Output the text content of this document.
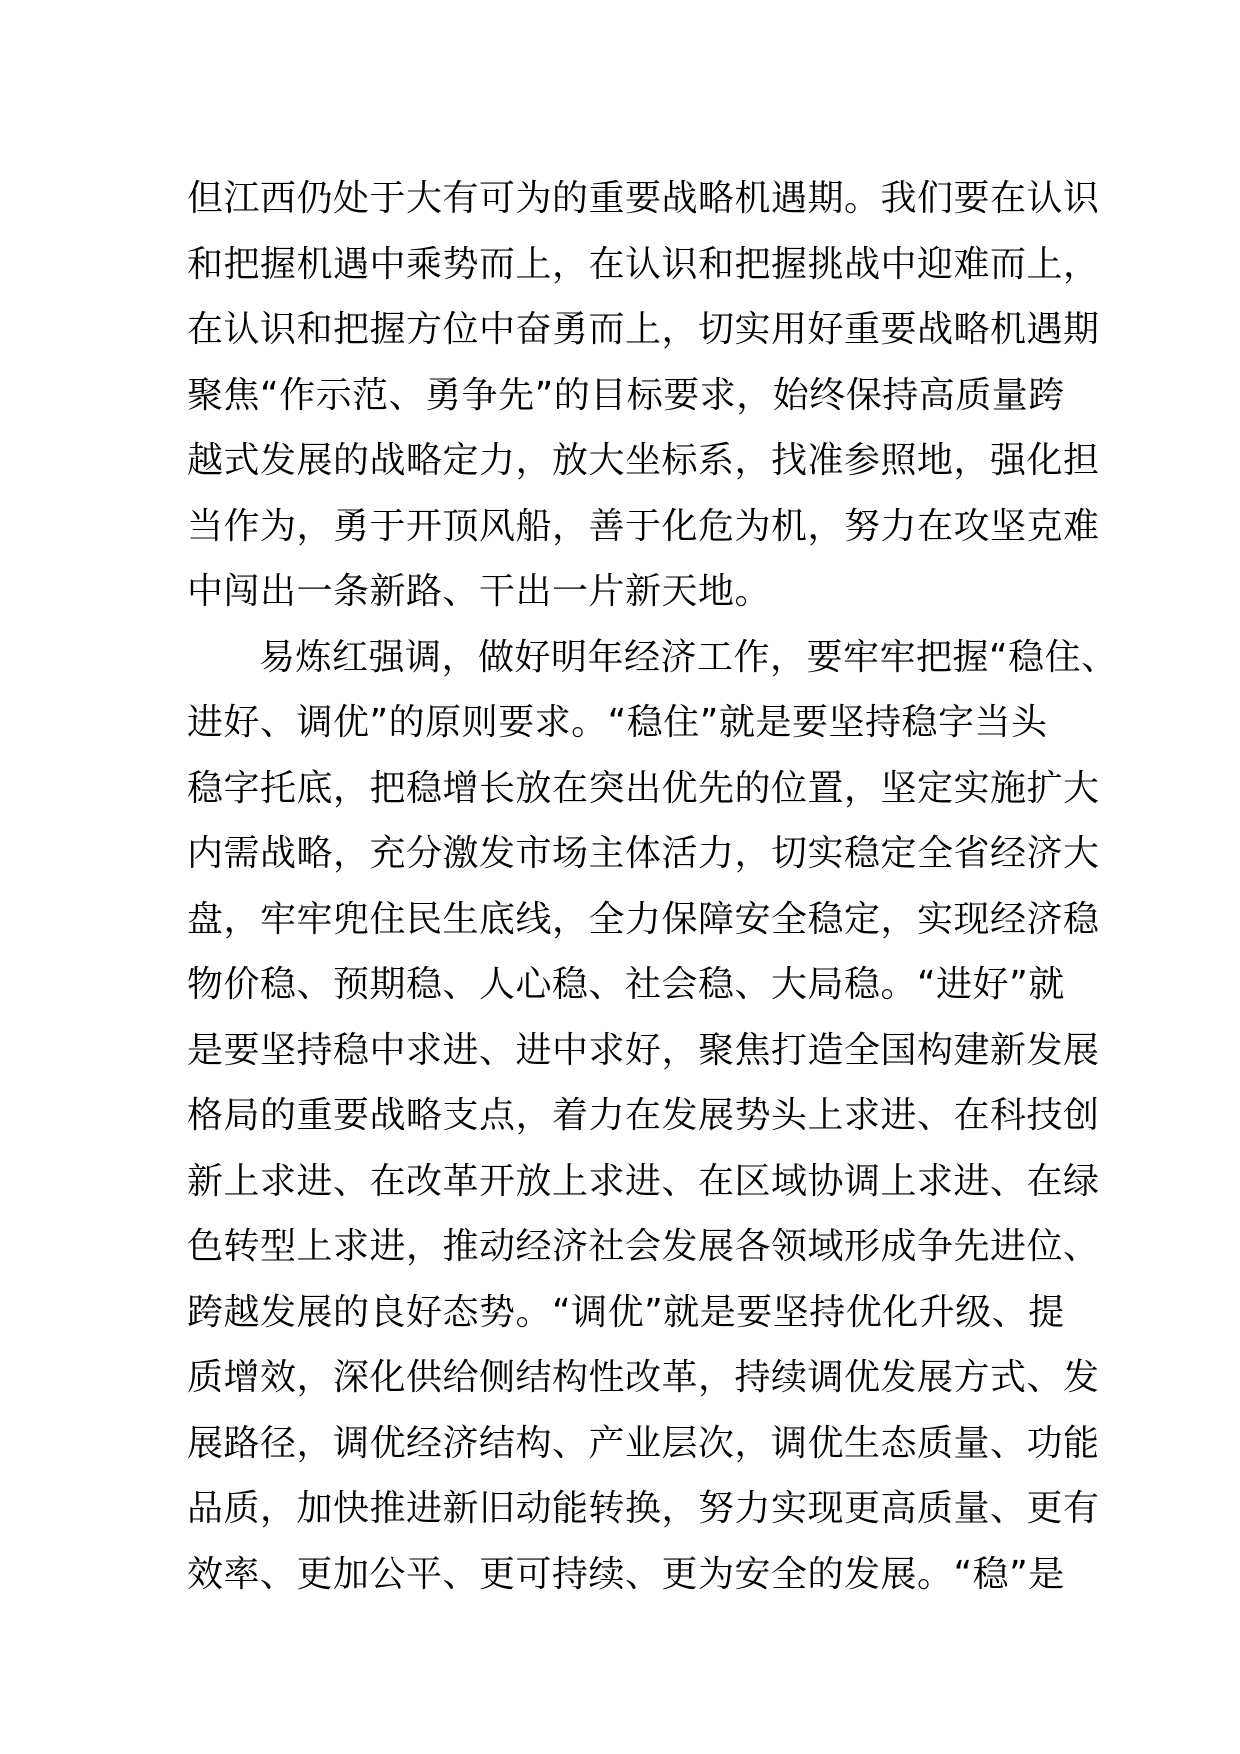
但江西仍处于大有可为的重要战略机遇期。我们要在认识
和把握机遇中乘势而上，在认识和把握挑战中迎难而上，
在认识和把握方位中奋勇而上，切实用好重要战略机遇期
聚焦“作示范、勇争先”的目标要求，始终保持高质量跨
越式发展的战略定力，放大坐标系，找准参照地，强化担
当作为，勇于开顶风船，善于化危为机，努力在攻坚克难
中闯出一条新路、干出一片新天地。
易炼红强调，做好明年经济工作，要牢牢把握“稳住、
进好、调优”的原则要求。“稳住”就是要坚持稳字当头
稳字托底，把稳增长放在突出优先的位置，坚定实施扩大
内需战略，充分激发市场主体活力，切实稳定全省经济大
盘，牢牢兜住民生底线，全力保障安全稳定，实现经济稳
物价稳、预期稳、人心稳、社会稳、大局稳。“进好”就
是要坚持稳中求进、进中求好，聚焦打造全国构建新发展
格局的重要战略支点，着力在发展势头上求进、在科技创
新上求进、在改革开放上求进、在区域协调上求进、在绿
色转型上求进，推动经济社会发展各领域形成争先进位、
跨越发展的良好态势。“调优”就是要坚持优化升级、提
质增效，深化供给侧结构性改革，持续调优发展方式、发
展路径，调优经济结构、产业层次，调优生态质量、功能
品质，加快推进新旧动能转换，努力实现更高质量、更有
效率、更加公平、更可持续、更为安全的发展。“稳”是
